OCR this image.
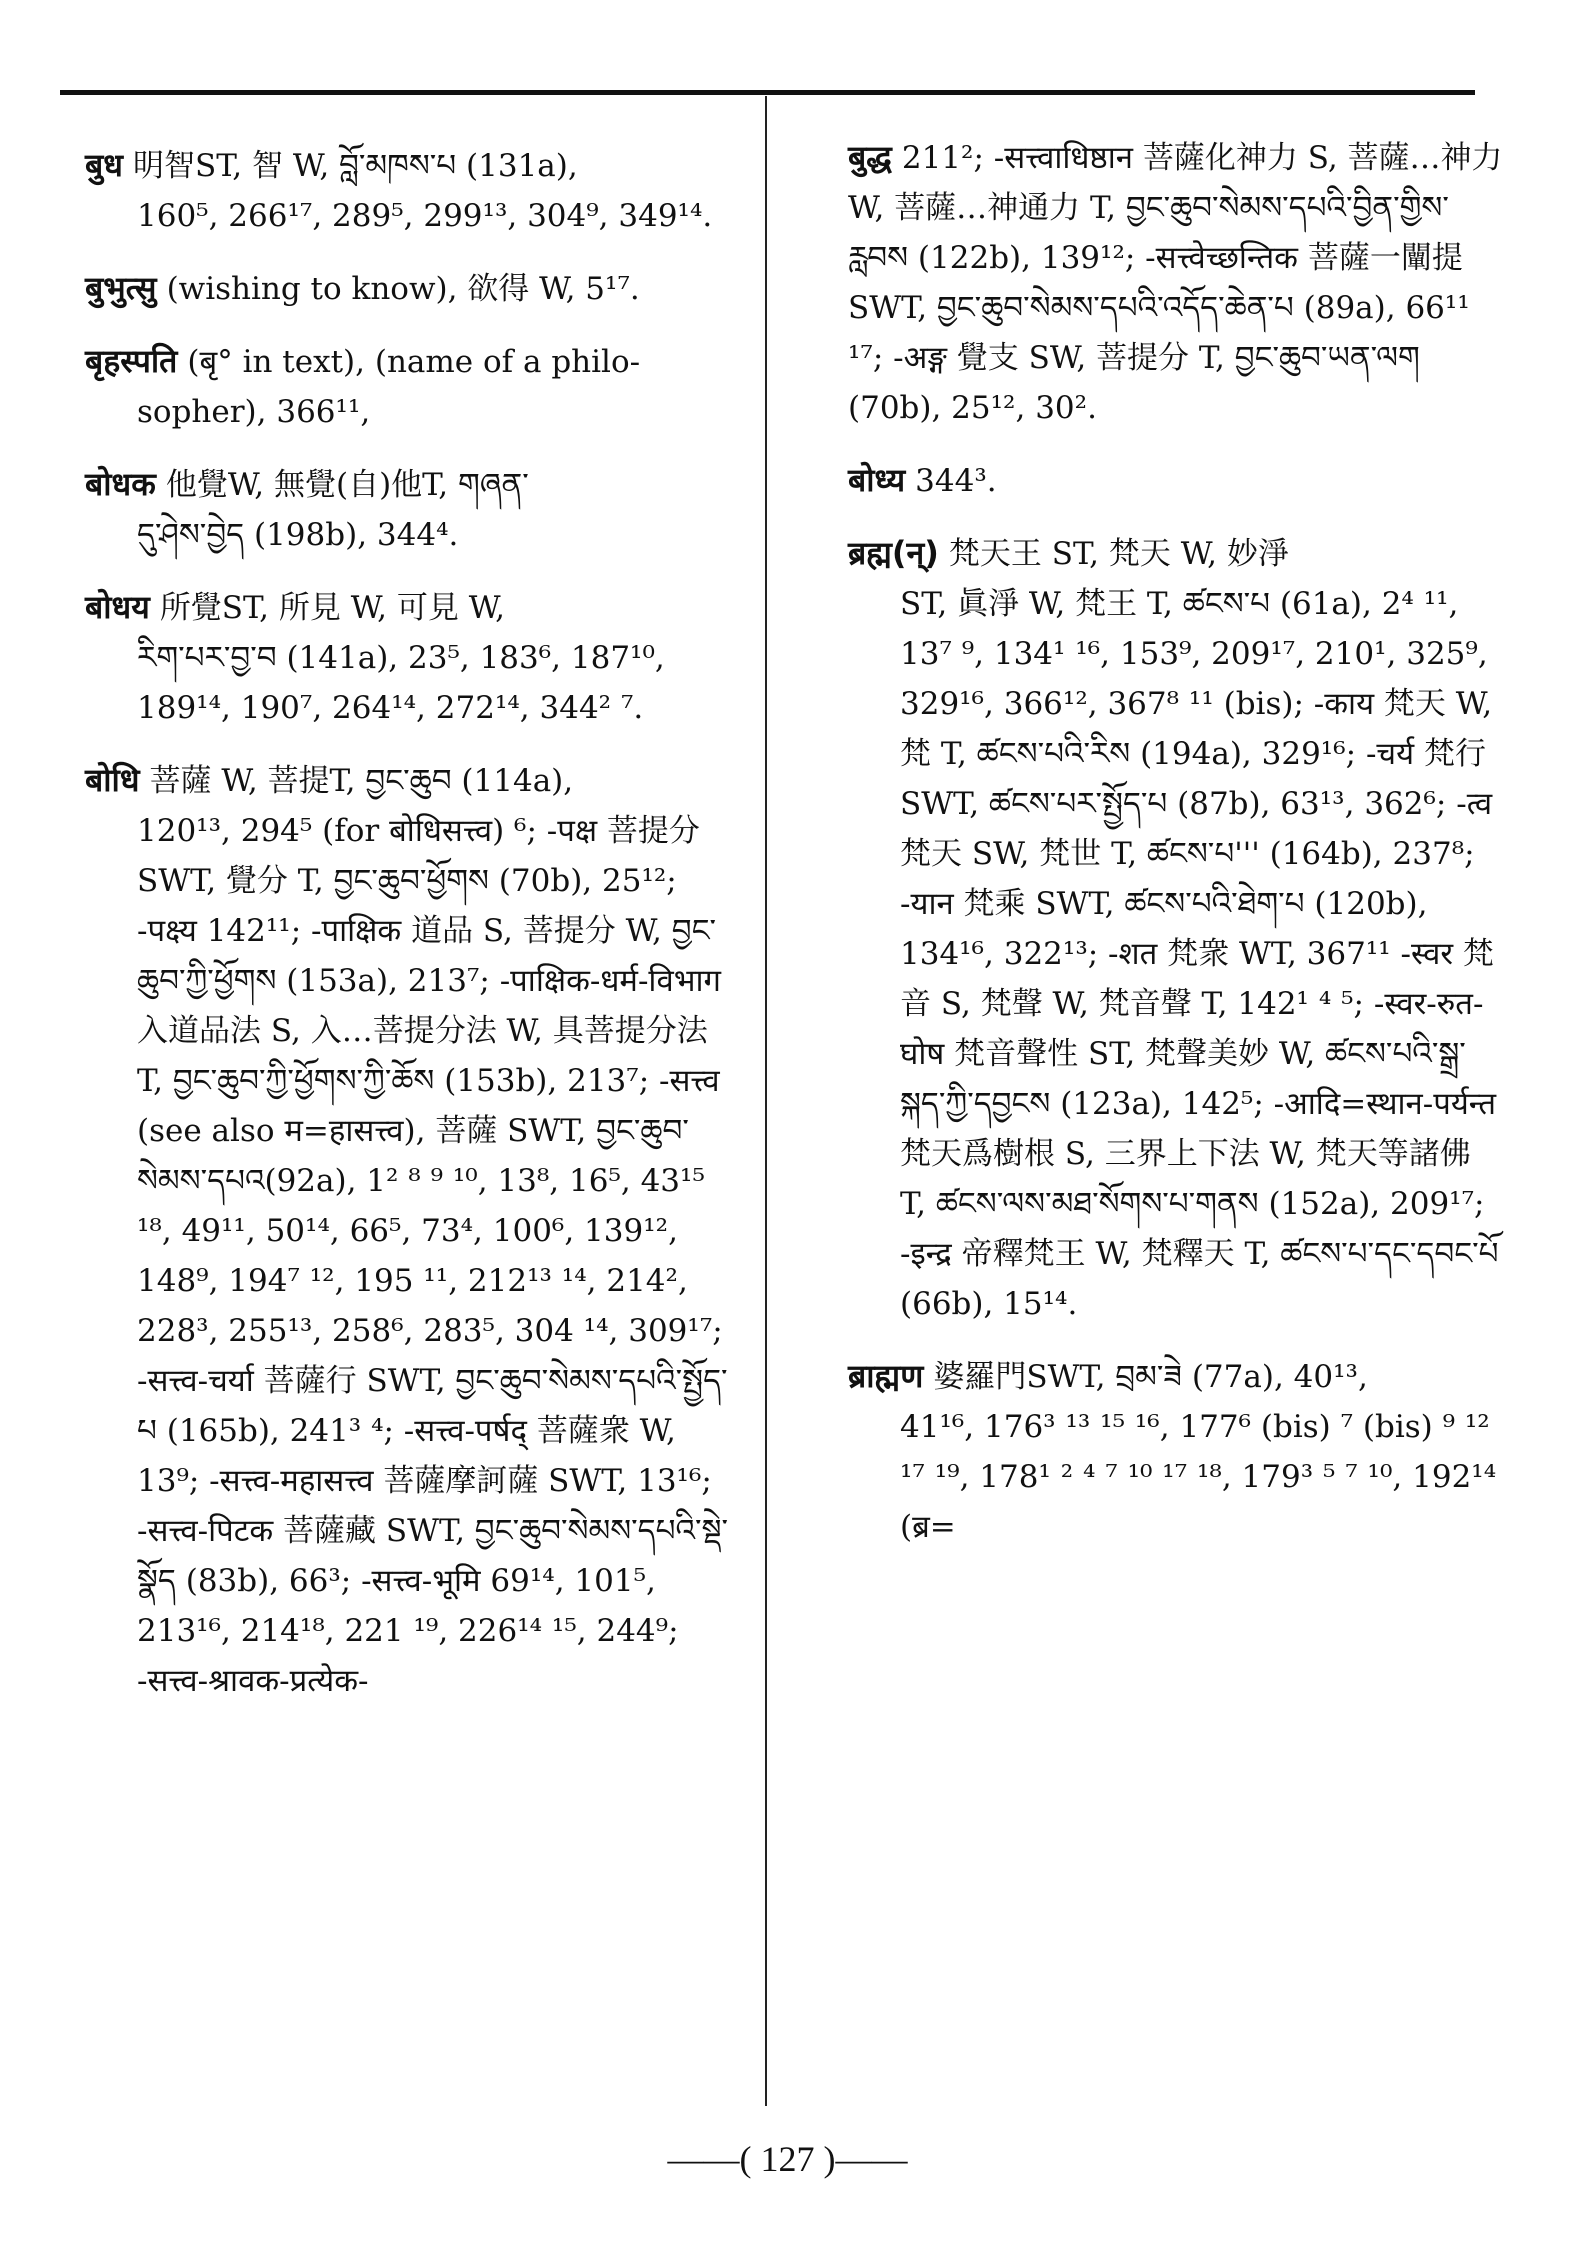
बुध 明智ST, 智 W, བློ་མཁས་པ (131a),
160⁵, 266¹⁷, 289⁵, 299¹³, 304⁹, 349¹⁴.
बुभुत्सु (wishing to know), 欲得 W, 5¹⁷.
बृहस्पति (बृ° in text), (name of a philo-
sopher), 366¹¹,
बोधक 他覺W, 無覺(自)他T, གཞན་
དུ་ཤེས་བྱེད (198b), 344⁴.
बोधय 所覺ST, 所見 W, 可見 W,
རིག་པར་བྱ་བ (141a), 23⁵, 183⁶, 187¹⁰, 189¹⁴, 190⁷, 264¹⁴, 272¹⁴, 344² ⁷.
बोधि 菩薩 W, 菩提T, བྱང་ཆུབ (114a),
120¹³, 294⁵ (for बोधिसत्त्व) ⁶; -पक्ष 菩提分 SWT, 覺分 T, བྱང་ཆུབ་ཕྱོགས (70b), 25¹²; -पक्ष्य 142¹¹; -पाक्षिक 道品 S, 菩提分 W, བྱང་ཆུབ་ཀྱི་ཕྱོགས (153a), 213⁷; -पाक्षिक-धर्म-विभाग 入道品法 S, 入…菩提分法 W, 具菩提分法 T, བྱང་ཆུབ་ཀྱི་ཕྱོགས་ཀྱི་ཆོས (153b), 213⁷; -सत्त्व (see also म=हासत्त्व), 菩薩 SWT, བྱང་ཆུབ་སེམས་དཔའ(92a), 1² ⁸ ⁹ ¹⁰, 13⁸, 16⁵, 43¹⁵ ¹⁸, 49¹¹, 50¹⁴, 66⁵, 73⁴, 100⁶, 139¹², 148⁹, 194⁷ ¹², 195 ¹¹, 212¹³ ¹⁴, 214², 228³, 255¹³, 258⁶, 283⁵, 304 ¹⁴, 309¹⁷; -सत्त्व-चर्या 菩薩行 SWT, བྱང་ཆུབ་སེམས་དཔའི་སྤྱོད་པ (165b), 241³ ⁴; -सत्त्व-पर्षद् 菩薩衆 W, 13⁹; -सत्त्व-महासत्त्व 菩薩摩訶薩 SWT, 13¹⁶; -सत्त्व-पिटक 菩薩藏 SWT, བྱང་ཆུབ་སེམས་དཔའི་སྡེ་སྣོད (83b), 66³; -सत्त्व-भूमि 69¹⁴, 101⁵, 213¹⁶, 214¹⁸, 221 ¹⁹, 226¹⁴ ¹⁵, 244⁹; -सत्त्व-श्रावक-प्रत्येक-
बुद्ध 211²; -सत्त्वाधिष्ठान 菩薩化神力 S, 菩薩…神力 W, 菩薩…神通力 T, བྱང་ཆུབ་སེམས་དཔའི་བྱིན་གྱིས་རླབས (122b), 139¹²; -सत्त्वेच्छन्तिक 菩薩一闡提 SWT, བྱང་ཆུབ་སེམས་དཔའི་འདོད་ཆེན་པ (89a), 66¹¹ ¹⁷; -अङ्ग 覺支 SW, 菩提分 T, བྱང་ཆུབ་ཡན་ལག (70b), 25¹², 30².
बोध्य 344³.
ब्रह्म(न्) 梵天王 ST, 梵天 W, 妙淨
ST, 眞淨 W, 梵王 T, ཚངས་པ (61a), 2⁴ ¹¹, 13⁷ ⁹, 134¹ ¹⁶, 153⁹, 209¹⁷, 210¹, 325⁹, 329¹⁶, 366¹², 367⁸ ¹¹ (bis); -काय 梵天 W, 梵 T, ཚངས་པའི་རིས (194a), 329¹⁶; -चर्य 梵行 SWT, ཚངས་པར་སྤྱོད་པ (87b), 63¹³, 362⁶; -त्व 梵天 SW, 梵世 T, ཚངས་པ''' (164b), 237⁸; -यान 梵乘 SWT, ཚངས་པའི་ཐེག་པ (120b), 134¹⁶, 322¹³; -शत 梵衆 WT, 367¹¹ -स्वर 梵音 S, 梵聲 W, 梵音聲 T, 142¹ ⁴ ⁵; -स्वर-रुत-घोष 梵音聲性 ST, 梵聲美妙 W, ཚངས་པའི་སྒྲ་སྐད་ཀྱི་དབྱངས (123a), 142⁵; -आदि=स्थान-पर्यन्त 梵天爲樹根 S, 三界上下法 W, 梵天等諸佛 T, ཚངས་ལས་མཐ་སོགས་པ་གནས (152a), 209¹⁷; -इन्द्र 帝釋梵王 W, 梵釋天 T, ཚངས་པ་དང་དབང་པོ (66b), 15¹⁴.
ब्राह्मण 婆羅門SWT, བྲམ་ཟེ (77a), 40¹³,
41¹⁶, 176³ ¹³ ¹⁵ ¹⁶, 177⁶ (bis) ⁷ (bis) ⁹ ¹² ¹⁷ ¹⁹, 178¹ ² ⁴ ⁷ ¹⁰ ¹⁷ ¹⁸, 179³ ⁵ ⁷ ¹⁰, 192¹⁴ (ब्र=
——( 127 )——
